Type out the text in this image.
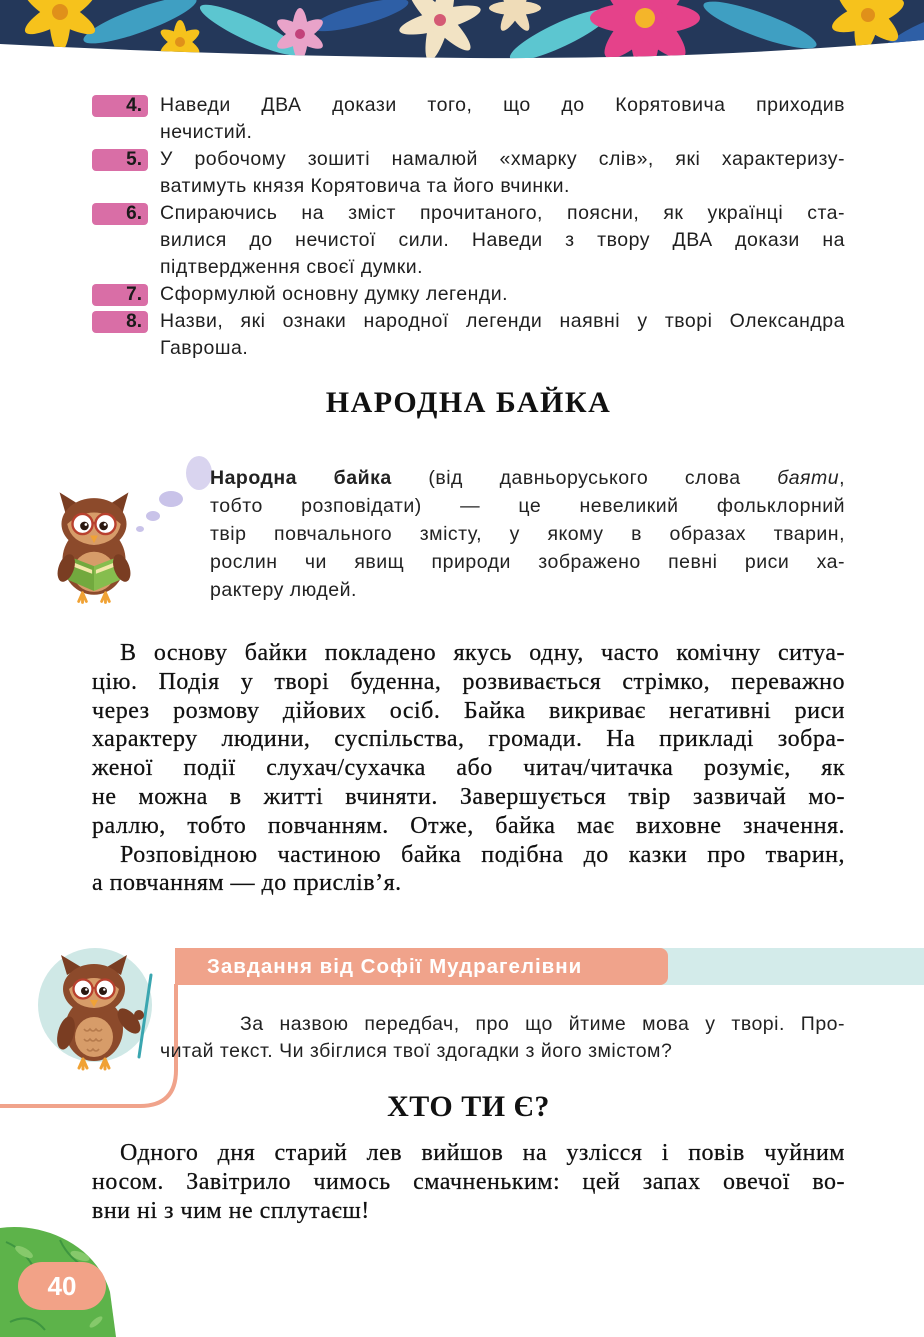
4. Наведи ДВА докази того, що до Корятовича приходив
нечистий.
5. У робочому зошиті намалюй «хмарку слів», які характеризу-
ватимуть князя Корятовича та його вчинки.
6. Спираючись на зміст прочитаного, поясни, як українці ста-
вилися до нечистої сили. Наведи з твору ДВА докази на
підтвердження своєї думки.
7. Сформулюй основну думку легенди.
8. Назви, які ознаки народної легенди наявні у творі Олександра
Гавроша.
НАРОДНА БАЙКА
Народна байка (від давньоруського слова баяти,
тобто розповідати) — це невеликий фольклорний
твір повчального змісту, у якому в образах тварин,
рослин чи явищ природи зображено певні риси ха-
рактеру людей.
В основу байки покладено якусь одну, часто комічну ситуа-
цію. Подія у творі буденна, розвивається стрімко, переважно
через розмову дійових осіб. Байка викриває негативні риси
характеру людини, суспільства, громади. На прикладі зобра-
женої події слухач/сухачка або читач/читачка розуміє, як
не можна в житті вчиняти. Завершується твір зазвичай мо-
раллю, тобто повчанням. Отже, байка має виховне значення.
Розповідною частиною байка подібна до казки про тварин,
а повчанням — до прислів’я.
Завдання від Софії Мудрагелівни
За назвою передбач, про що йтиме мова у творі. Про-
читай текст. Чи збіглися твої здогадки з його змістом?
ХТО ТИ Є?
Одного дня старий лев вийшов на узлісся і повів чуйним
носом. Завітрило чимось смачненьким: цей запах овечої во-
вни ні з чим не сплутаєш!
40
